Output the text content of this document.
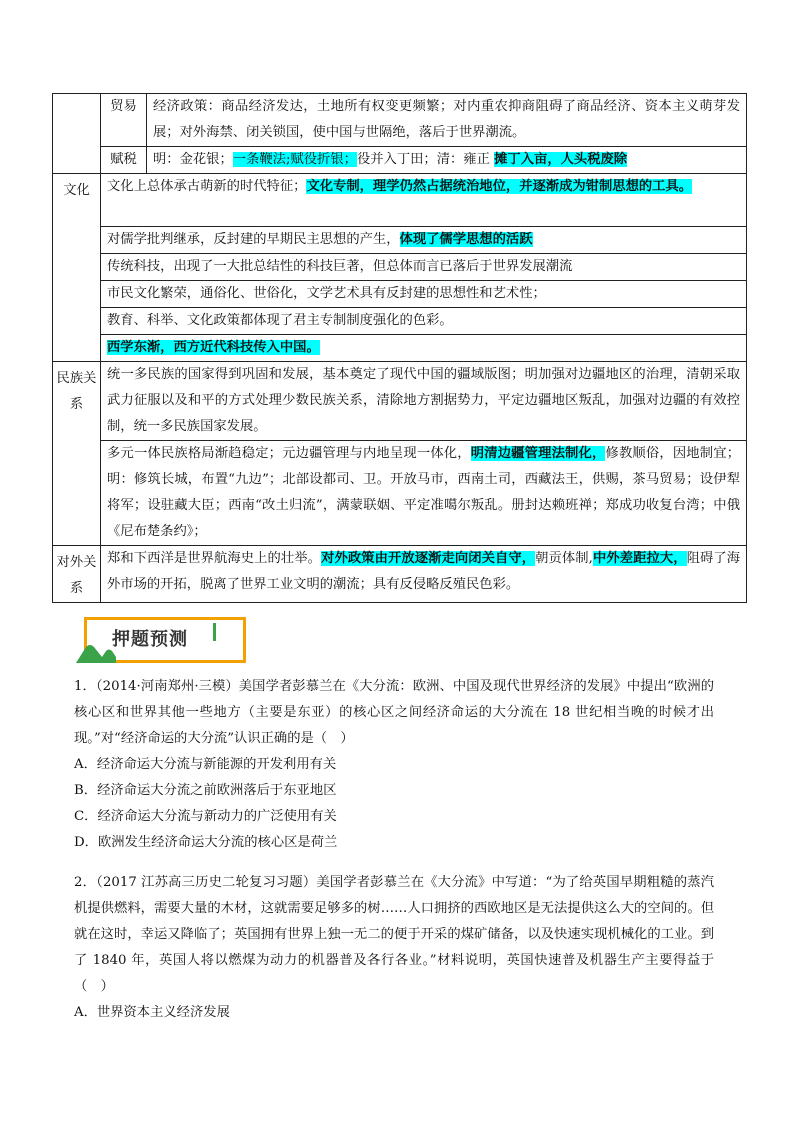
	贸易	经济政策：商品经济发达，土地所有权变更频繁；对内重农抑商阻碍了商品经济、资本主义萌芽发展；对外海禁、闭关锁国，使中国与世隔绝，落后于世界潮流。
	赋税	明：金花银；一条鞭法;赋役折银；役并入丁田；清：雍正 摊丁入亩，人头税废除
文化	文化上总体承古萌新的时代特征；文化专制，理学仍然占据统治地位，并逐渐成为钳制思想的工具。	
	对儒学批判继承，反封建的早期民主思想的产生，体现了儒学思想的活跃	
	传统科技，出现了一大批总结性的科技巨著，但总体而言已落后于世界发展潮流	
	市民文化繁荣，通俗化、世俗化，文学艺术具有反封建的思想性和艺术性；	
	教育、科举、文化政策都体现了君主专制制度强化的色彩。	
	西学东渐，西方近代科技传入中国。	
民族关系	统一多民族的国家得到巩固和发展，基本奠定了现代中国的疆域版图；明加强对边疆地区的治理，清朝采取武力征服以及和平的方式处理少数民族关系，清除地方割据势力，平定边疆地区叛乱，加强对边疆的有效控制，统一多民族国家发展。	
	多元一体民族格局渐趋稳定；元边疆管理与内地呈现一体化，明清边疆管理法制化，修教顺俗，因地制宜；明：修筑长城，布置“九边”；北部设都司、卫。开放马市，西南土司，西藏法王，供赐，茶马贸易；设伊犁将军；设驻藏大臣；西南“改土归流”，满蒙联姻、平定准噶尔叛乱。册封达赖班禅；郑成功收复台湾；中俄《尼布楚条约》；	
对外关系	郑和下西洋是世界航海史上的壮举。对外政策由开放逐渐走向闭关自守，朝贡体制,中外差距拉大，阻碍了海外市场的开拓，脱离了世界工业文明的潮流；具有反侵略反殖民色彩。	
押题预测

1．（2014·河南郑州·三模）美国学者彭慕兰在《大分流：欧洲、中国及现代世界经济的发展》中提出“欧洲的核心区和世界其他一些地方（主要是东亚）的核心区之间经济命运的大分流在 18 世纪相当晚的时候才出现。”对“经济命运的大分流”认识正确的是（　）

A．经济命运大分流与新能源的开发利用有关

B．经济命运大分流之前欧洲落后于东亚地区

C．经济命运大分流与新动力的广泛使用有关

D．欧洲发生经济命运大分流的核心区是荷兰

2．（2017 江苏高三历史二轮复习习题）美国学者彭慕兰在《大分流》中写道：“为了给英国早期粗糙的蒸汽机提供燃料，需要大量的木材，这就需要足够多的树……人口拥挤的西欧地区是无法提供这么大的空间的。但就在这时，幸运又降临了；英国拥有世界上独一无二的便于开采的煤矿储备，以及快速实现机械化的工业。到了 1840 年，英国人将以燃煤为动力的机器普及各行各业。”材料说明，英国快速普及机器生产主要得益于（　）

A．世界资本主义经济发展
